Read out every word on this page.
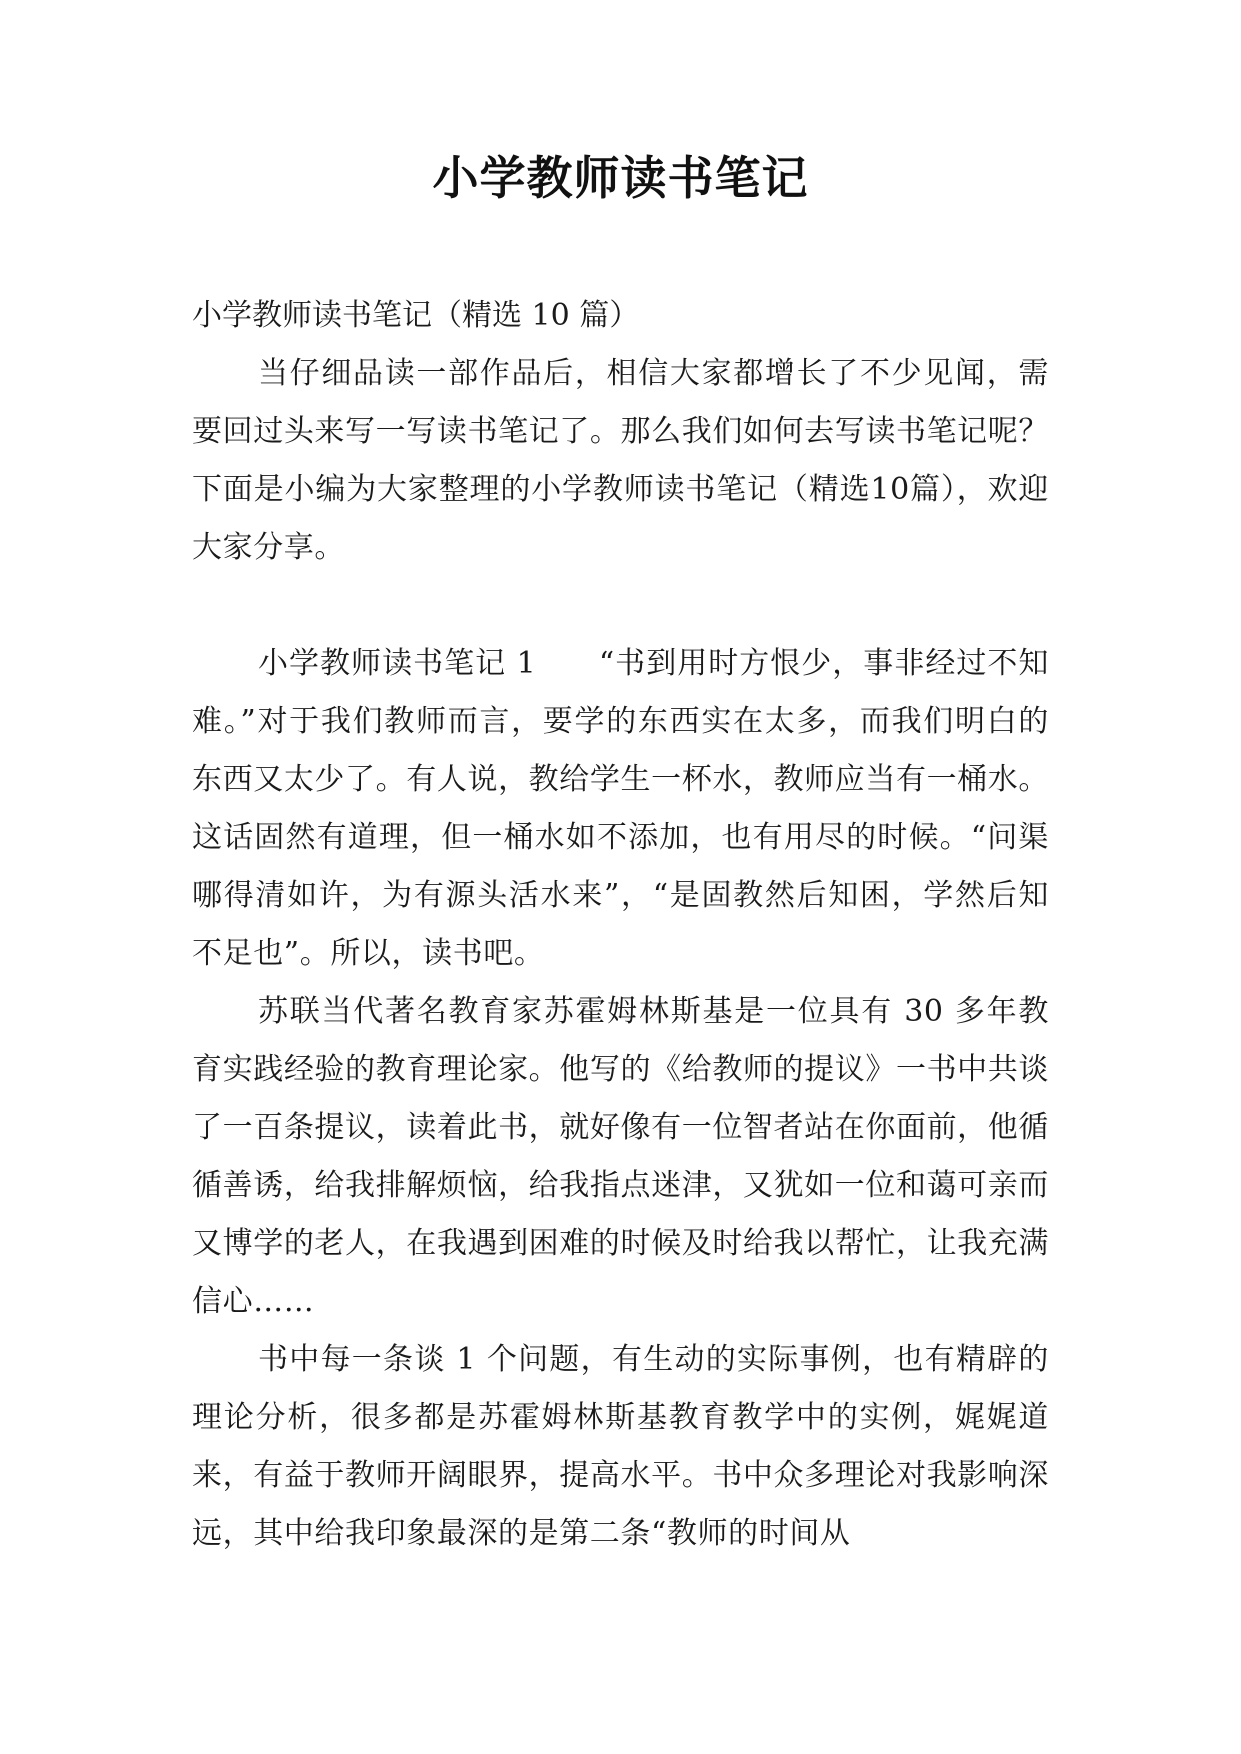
小学教师读书笔记

小学教师读书笔记（精选 10 篇）

当仔细品读一部作品后，相信大家都增长了不少见闻，需要回过头来写一写读书笔记了。那么我们如何去写读书笔记呢？下面是小编为大家整理的小学教师读书笔记（精选10篇），欢迎大家分享。

小学教师读书笔记 1　　“书到用时方恨少，事非经过不知难。”对于我们教师而言，要学的东西实在太多，而我们明白的东西又太少了。有人说，教给学生一杯水，教师应当有一桶水。这话固然有道理，但一桶水如不添加，也有用尽的时候。“问渠哪得清如许，为有源头活水来”，“是固教然后知困，学然后知不足也”。所以，读书吧。

苏联当代著名教育家苏霍姆林斯基是一位具有 30 多年教育实践经验的教育理论家。他写的《给教师的提议》一书中共谈了一百条提议，读着此书，就好像有一位智者站在你面前，他循循善诱，给我排解烦恼，给我指点迷津，又犹如一位和蔼可亲而又博学的老人，在我遇到困难的时候及时给我以帮忙，让我充满信心……

书中每一条谈 1 个问题，有生动的实际事例，也有精辟的理论分析，很多都是苏霍姆林斯基教育教学中的实例，娓娓道来，有益于教师开阔眼界，提高水平。书中众多理论对我影响深远，其中给我印象最深的是第二条“教师的时间从
